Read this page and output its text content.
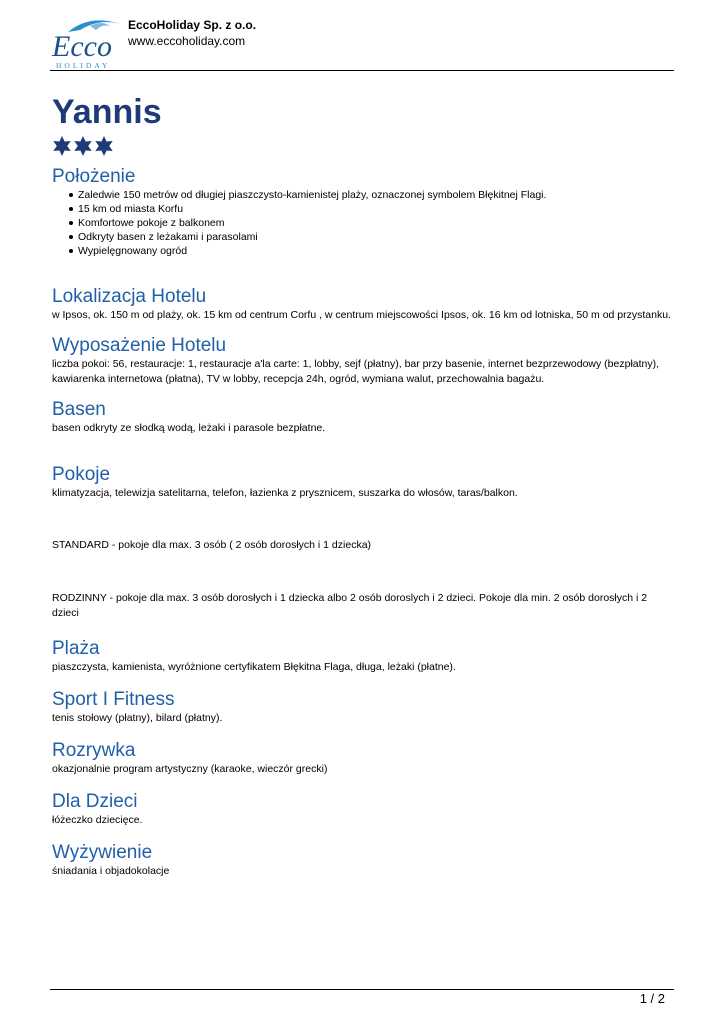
Ecco
HOLIDAY
EccoHoliday Sp. z o.o.
www.eccoholiday.com
Yannis
Położenie
Zaledwie 150 metrów od długiej piaszczysto-kamienistej plaży, oznaczonej symbolem Błękitnej Flagi.
15 km od miasta Korfu
Komfortowe pokoje z balkonem
Odkryty basen z leżakami i parasolami
Wypielęgnowany ogród
Lokalizacja Hotelu

w Ipsos, ok. 150 m od plaży, ok. 15 km od centrum Corfu , w centrum miejscowości Ipsos, ok. 16 km od lotniska, 50 m od przystanku.

Wyposażenie Hotelu

liczba pokoi: 56, restauracje: 1, restauracje a'la carte: 1, lobby, sejf (płatny), bar przy basenie, internet bezprzewodowy (bezpłatny), kawiarenka internetowa (płatna), TV w lobby, recepcja 24h, ogród, wymiana walut, przechowalnia bagażu.

Basen

basen odkryty ze słodką wodą, leżaki i parasole bezpłatne.

Pokoje

klimatyzacja, telewizja satelitarna, telefon, łazienka z prysznicem, suszarka do włosów, taras/balkon.

STANDARD - pokoje dla max. 3 osób ( 2 osób dorosłych i 1 dziecka)

RODZINNY - pokoje dla max. 3 osób dorosłych i 1 dziecka albo 2 osób doroslych i 2 dzieci. Pokoje dla min. 2 osób dorosłych i 2 dzieci

Plaża

piaszczysta, kamienista, wyróżnione certyfikatem Błękitna Flaga, długa, leżaki (płatne).

Sport I Fitness

tenis stołowy (płatny), bilard (płatny).

Rozrywka

okazjonalnie program artystyczny (karaoke, wieczór grecki)

Dla Dzieci

łóżeczko dziecięce.

Wyżywienie

śniadania i objadokolacje

1 / 2
